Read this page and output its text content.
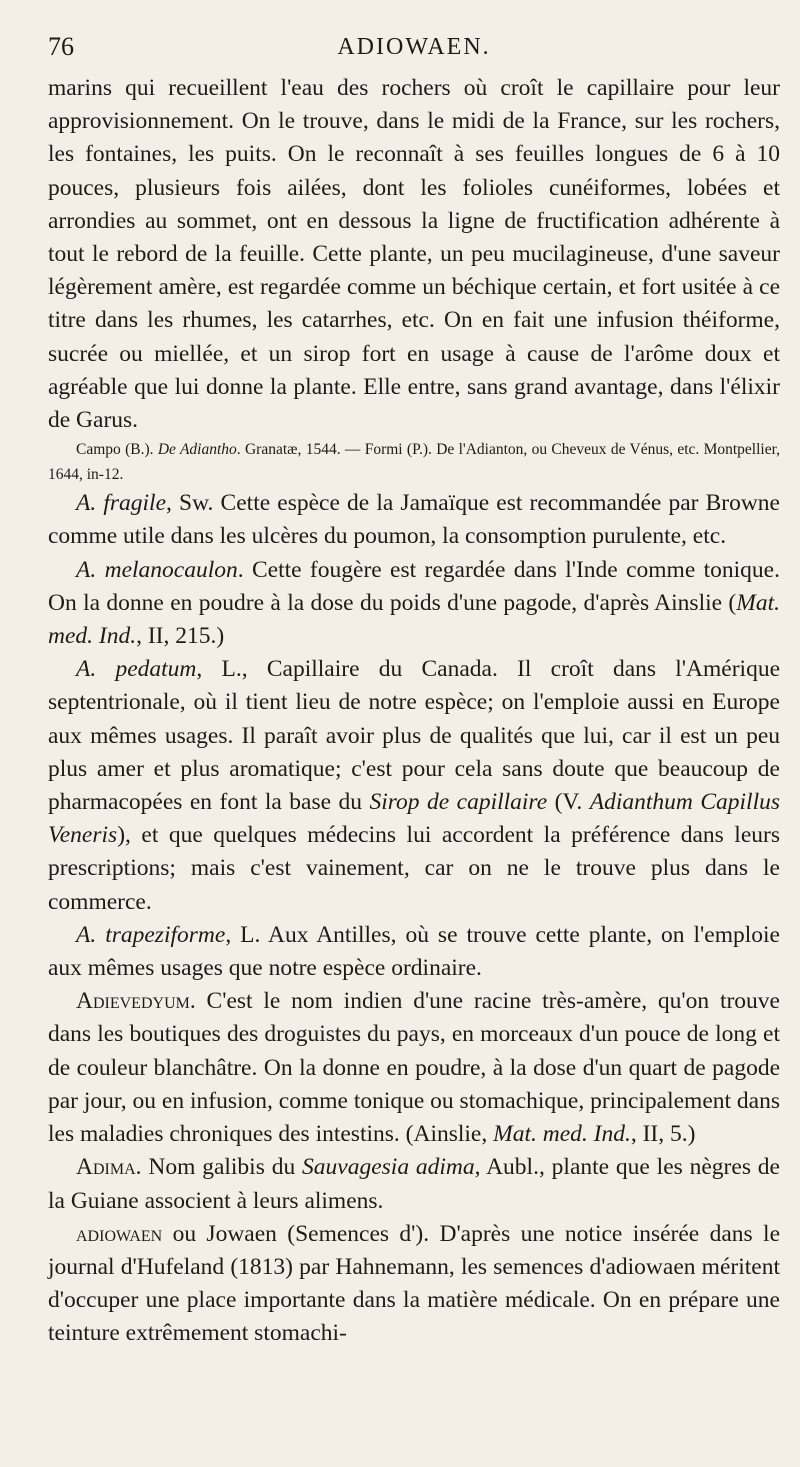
76	ADIOWAEN.

marins qui recueillent l'eau des rochers où croît le capillaire pour leur approvisionnement. On le trouve, dans le midi de la France, sur les rochers, les fontaines, les puits. On le reconnaît à ses feuilles longues de 6 à 10 pouces, plusieurs fois ailées, dont les folioles cunéiformes, lobées et arrondies au sommet, ont en dessous la ligne de fructification adhérente à tout le rebord de la feuille. Cette plante, un peu mucilagineuse, d'une saveur légèrement amère, est regardée comme un béchique certain, et fort usitée à ce titre dans les rhumes, les catarrhes, etc. On en fait une infusion théiforme, sucrée ou miellée, et un sirop fort en usage à cause de l'arôme doux et agréable que lui donne la plante. Elle entre, sans grand avantage, dans l'élixir de Garus.

Campo (B.). De Adiantho. Granatæ, 1544. — Formi (P.). De l'Adianton, ou Cheveux de Vénus, etc. Montpellier, 1644, in-12.

A. fragile, Sw. Cette espèce de la Jamaïque est recommandée par Browne comme utile dans les ulcères du poumon, la consomption purulente, etc.

A. melanocaulon. Cette fougère est regardée dans l'Inde comme tonique. On la donne en poudre à la dose du poids d'une pagode, d'après Ainslie (Mat. med. Ind., II, 215.)

A. pedatum, L., Capillaire du Canada. Il croît dans l'Amérique septentrionale, où il tient lieu de notre espèce; on l'emploie aussi en Europe aux mêmes usages. Il paraît avoir plus de qualités que lui, car il est un peu plus amer et plus aromatique; c'est pour cela sans doute que beaucoup de pharmacopées en font la base du Sirop de capillaire (V. Adianthum Capillus Veneris), et que quelques médecins lui accordent la préférence dans leurs prescriptions; mais c'est vainement, car on ne le trouve plus dans le commerce.

A. trapeziforme, L. Aux Antilles, où se trouve cette plante, on l'emploie aux mêmes usages que notre espèce ordinaire.

Adievedyum. C'est le nom indien d'une racine très-amère, qu'on trouve dans les boutiques des droguistes du pays, en morceaux d'un pouce de long et de couleur blanchâtre. On la donne en poudre, à la dose d'un quart de pagode par jour, ou en infusion, comme tonique ou stomachique, principalement dans les maladies chroniques des intestins. (Ainslie, Mat. med. Ind., II, 5.)

Adima. Nom galibis du Sauvagesia adima, Aubl., plante que les nègres de la Guiane associent à leurs alimens.

adiowaen ou Jowaen (Semences d'). D'après une notice insérée dans le journal d'Hufeland (1813) par Hahnemann, les semences d'adiowaen méritent d'occuper une place importante dans la matière médicale. On en prépare une teinture extrêmement stomachi-
